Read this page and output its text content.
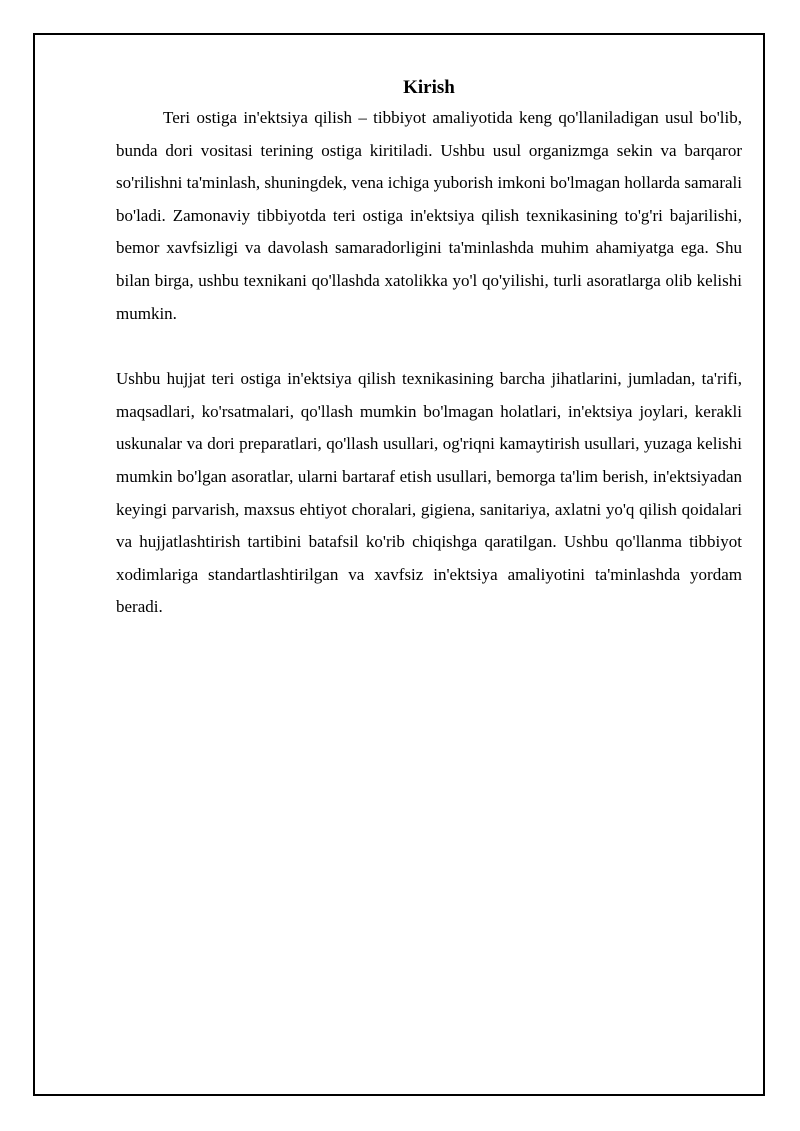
Kirish

Teri ostiga in'ektsiya qilish – tibbiyot amaliyotida keng qo'llaniladigan usul bo'lib, bunda dori vositasi terining ostiga kiritiladi. Ushbu usul organizmga sekin va barqaror so'rilishni ta'minlash, shuningdek, vena ichiga yuborish imkoni bo'lmagan hollarda samarali bo'ladi. Zamonaviy tibbiyotda teri ostiga in'ektsiya qilish texnikasining to'g'ri bajarilishi, bemor xavfsizligi va davolash samaradorligini ta'minlashda muhim ahamiyatga ega. Shu bilan birga, ushbu texnikani qo'llashda xatolikka yo'l qo'yilishi, turli asoratlarga olib kelishi mumkin.

Ushbu hujjat teri ostiga in'ektsiya qilish texnikasining barcha jihatlarini, jumladan, ta'rifi, maqsadlari, ko'rsatmalari, qo'llash mumkin bo'lmagan holatlari, in'ektsiya joylari, kerakli uskunalar va dori preparatlari, qo'llash usullari, og'riqni kamaytirish usullari, yuzaga kelishi mumkin bo'lgan asoratlar, ularni bartaraf etish usullari, bemorga ta'lim berish, in'ektsiyadan keyingi parvarish, maxsus ehtiyot choralari, gigiena, sanitariya, axlatni yo'q qilish qoidalari va hujjatlashtirish tartibini batafsil ko'rib chiqishga qaratilgan. Ushbu qo'llanma tibbiyot xodimlariga standartlashtirilgan va xavfsiz in'ektsiya amaliyotini ta'minlashda yordam beradi.
